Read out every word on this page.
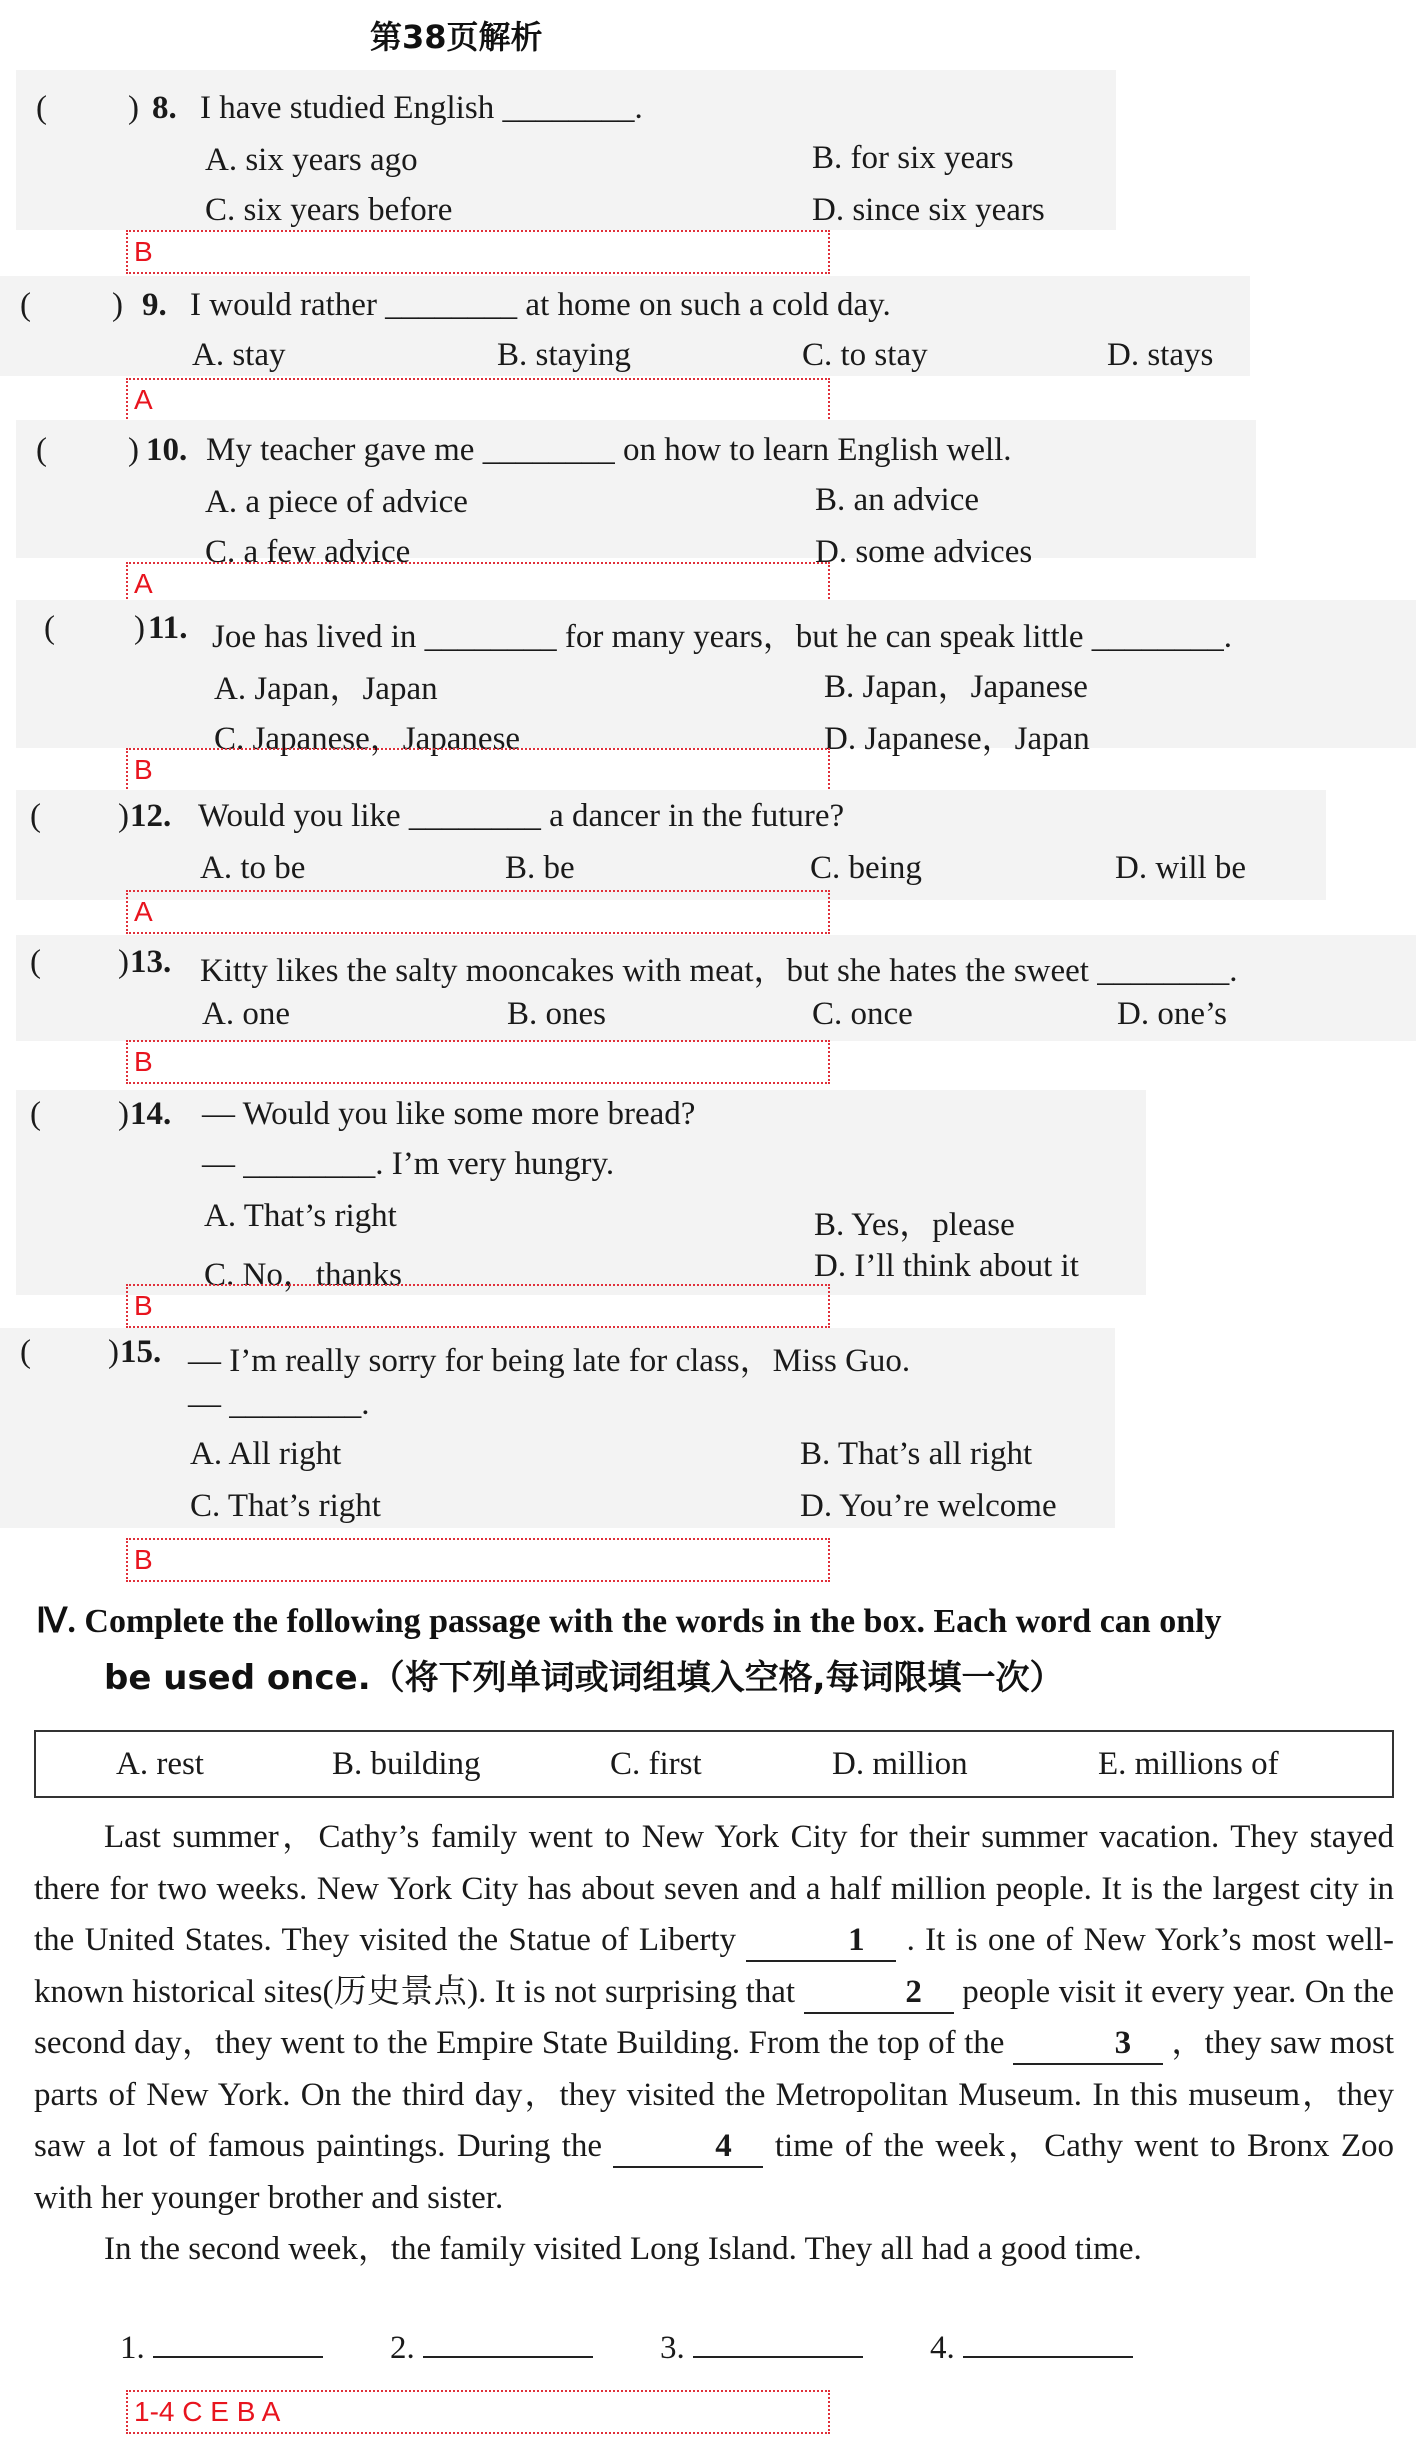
第38页解析
( ) 8. I have studied English ________.
A. six years ago	B. for six years
C. six years before	D. since six years
B
( ) 9. I would rather ________ at home on such a cold day.
A. stay	B. staying	C. to stay	D. stays
A
( ) 10. My teacher gave me ________ on how to learn English well.
A. a piece of advice	B. an advice
C. a few advice	D. some advices
A
( ) 11. Joe has lived in ________ for many years，but he can speak little ________.
A. Japan，Japan	B. Japan，Japanese
C. Japanese，Japanese	D. Japanese，Japan
B
( ) 12. Would you like ________ a dancer in the future?
A. to be	B. be	C. being	D. will be
A
( ) 13. Kitty likes the salty mooncakes with meat，but she hates the sweet ________.
A. one	B. ones	C. once	D. one’s
B
( ) 14. — Would you like some more bread?
— ________. I’m very hungry.
A. That’s right	B. Yes，please
C. No，thanks	D. I’ll think about it
B
( ) 15. — I’m really sorry for being late for class，Miss Guo.
— ________.
A. All right	B. That’s all right
C. That’s right	D. You’re welcome
B
Ⅳ. Complete the following passage with the words in the box. Each word can only
be used once.（将下列单词或词组填入空格,每词限填一次）
A. rest	B. building	C. first	D. million	E. millions of

Last summer，Cathy’s family went to New York City for their summer vacation. They stayed there for two weeks. New York City has about seven and a half million people. It is the largest city in the United States. They visited the Statue of Liberty	1 . It is one of New York’s most well-known historical sites(历史景点). It is not surprising that	2 people visit it every year. On the second day，they went to the Empire State Building. From the top of the	3 ，they saw most parts of New York. On the third day，they visited the Metropolitan Museum. In this museum，they saw a lot of famous paintings. During the	4 time of the week，Cathy went to Bronx Zoo with her younger brother and sister.

In the second week，the family visited Long Island. They all had a good time.

1.	2.	3.	4.
1-4 C E B A
